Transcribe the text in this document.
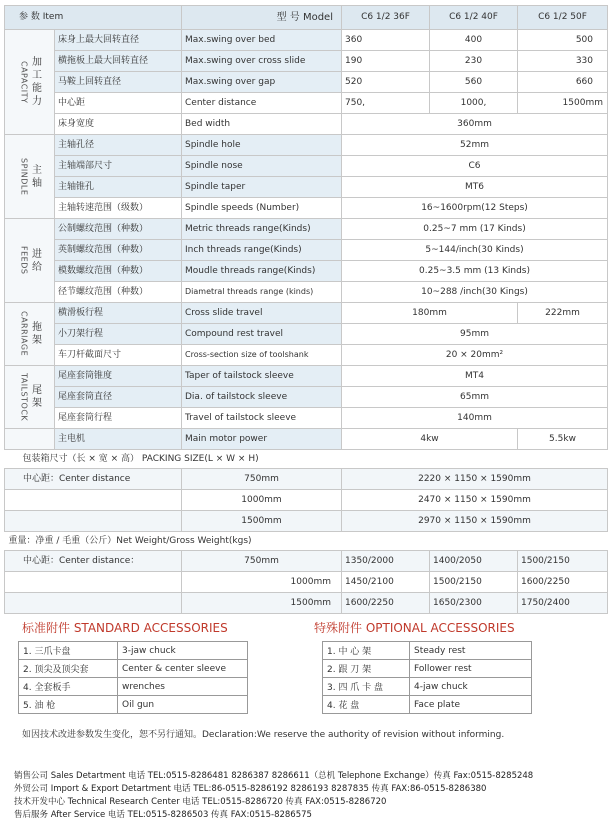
参 数 Item		型 号 Model	C6 1/2 36F	C6 1/2 40F	C6 1/2 50F

CAPACITY 加工能力	床身上最大回转直径	Max.swing over bed	360	400	500
	横拖板上最大回转直径	Max.swing over cross slide	190	230	330
	马鞍上回转直径	Max.swing over gap	520	560	660
	中心距	Center distance	750,	1000,	1500mm
	床身宽度	Bed width	360mm		

SPINDLE 主轴	主轴孔径	Spindle hole	52mm		
	主轴端部尺寸	Spindle nose	C6		
	主轴锥孔	Spindle taper	MT6		
	主轴转速范围（级数）	Spindle speeds (Number)	16~1600rpm(12 Steps)		

FEEDS 进给	公制螺纹范围（种数）	Metric threads range(Kinds)	0.25~7 mm (17 Kinds)		
	英制螺纹范围（种数）	Inch threads range(Kinds)	5~144/inch(30 Kinds)		
	模数螺纹范围（种数）	Moudle threads range(Kinds)	0.25~3.5 mm (13 Kinds)		
	径节螺纹范围（种数）	Diametral threads range (kinds)	10~288 /inch(30 Kings)		

CARRIAGE 拖架	横滑板行程	Cross slide travel	180mm		222mm
	小刀架行程	Compound rest travel	95mm		
	车刀杆截面尺寸	Cross-section size of toolshank	20 × 20mm²		

TAILSTOCK 尾架	尾座套筒锥度	Taper of tailstock sleeve	MT4		
	尾座套筒直径	Dia. of tailstock sleeve	65mm		
	尾座套筒行程	Travel of tailstock sleeve	140mm		
	主电机	Main motor power	4kw		5.5kw
包装箱尺寸（长 × 宽 × 高） PACKING SIZE(L × W × H)					
中心距：Center distance		750mm	2220 × 1150 × 1590mm		
		1000mm	2470 × 1150 × 1590mm		
		1500mm	2970 × 1150 × 1590mm		
重量：净重 / 毛重（公斤）Net Weight/Gross Weight(kgs)					
中心距：Center distance：		750mm	1350/2000	1400/2050	1500/2150
		1000mm	1450/2100	1500/2150	1600/2250
		1500mm	1600/2250	1650/2300	1750/2400
标准附件 STANDARD ACCESSORIES
1. 三爪卡盘	3-jaw chuck
2. 顶尖及顶尖套	Center & center sleeve
4. 全套板手	wrenches
5. 油 枪	Oil gun
特殊附件 OPTIONAL ACCESSORIES
1. 中 心 架	Steady rest
2. 跟 刀 架	Follower rest
3. 四 爪 卡 盘	4-jaw chuck
4. 花 盘	Face plate
如因技术改进参数发生变化，恕不另行通知。Declaration:We reserve the authority of revision without informing.
销售公司 Sales Detartment 电话 TEL:0515-8286481 8286387 8286611（总机 Telephone Exchange）传真 Fax:0515-8285248
外贸公司 Import & Export Detartment 电话 TEL:86-0515-8286192 8286193 8287835 传真 FAX:86-0515-8286380
技术开发中心 Technical Research Center 电话 TEL:0515-8286720 传真 FAX:0515-8286720
售后服务 After Service 电话 TEL:0515-8286503 传真 FAX:0515-8286575
